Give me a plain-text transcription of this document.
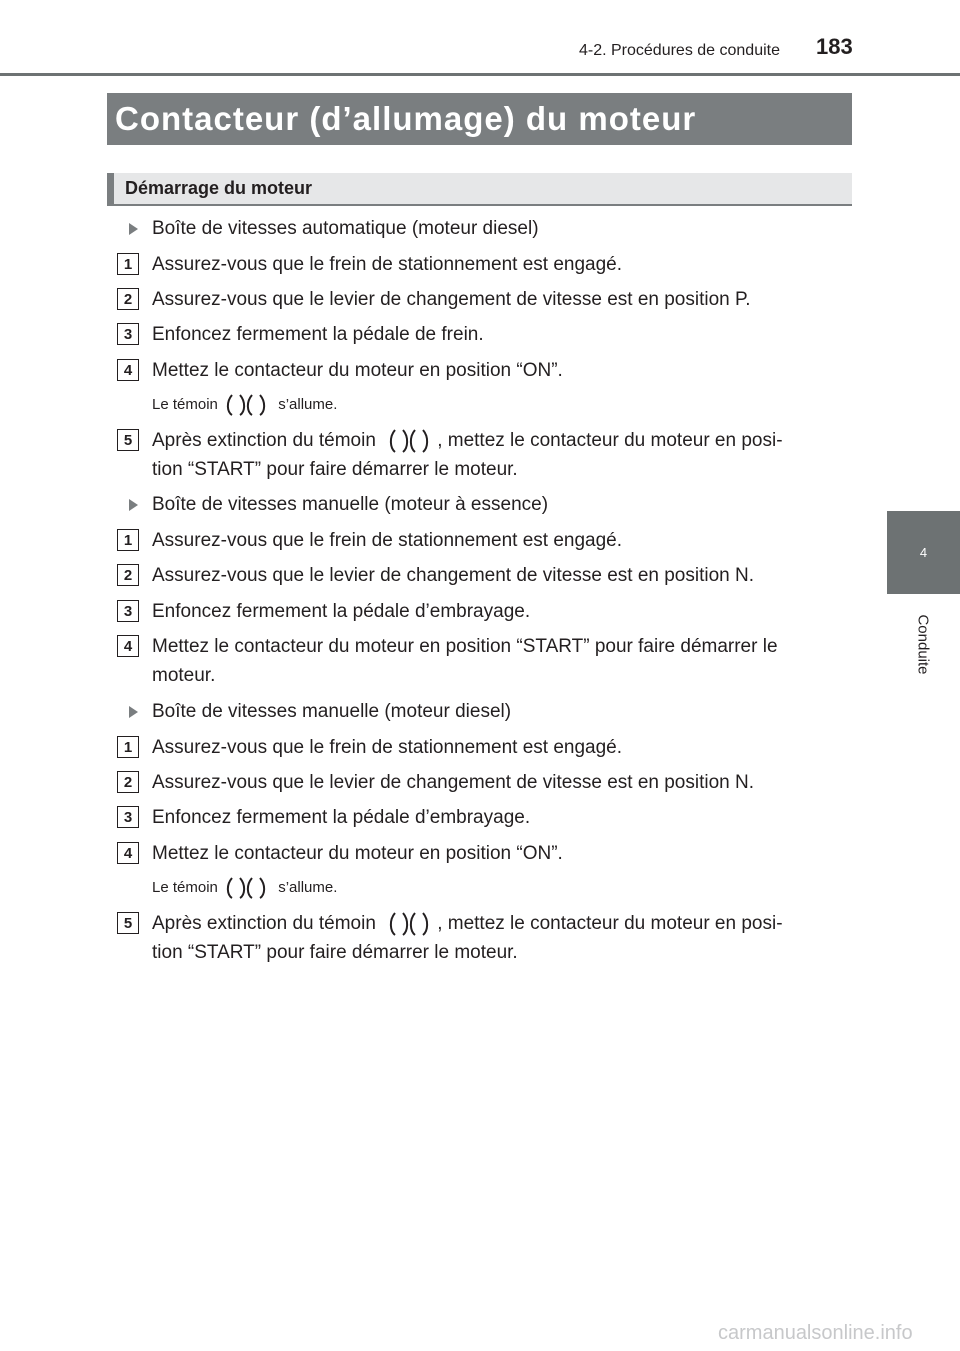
4-2. Procédures de conduite 183
Contacteur (d’allumage) du moteur
Démarrage du moteur
4
Conduite
Boîte de vitesses automatique (moteur diesel)
1	Assurez-vous que le frein de stationnement est engagé.
2	Assurez-vous que le levier de changement de vitesse est en position P.
3	Enfoncez fermement la pédale de frein.
4	Mettez le contacteur du moteur en position “ON”.
Le témoin	s’allume.
5	Après extinction du témoin	, mettez le contacteur du moteur en posi-
tion “START” pour faire démarrer le moteur.
Boîte de vitesses manuelle (moteur à essence)
1	Assurez-vous que le frein de stationnement est engagé.
2	Assurez-vous que le levier de changement de vitesse est en position N.
3	Enfoncez fermement la pédale d’embrayage.
4	Mettez le contacteur du moteur en position “START” pour faire démarrer le
moteur.
Boîte de vitesses manuelle (moteur diesel)
1	Assurez-vous que le frein de stationnement est engagé.
2	Assurez-vous que le levier de changement de vitesse est en position N.
3	Enfoncez fermement la pédale d’embrayage.
4	Mettez le contacteur du moteur en position “ON”.
Le témoin	s’allume.
5	Après extinction du témoin	, mettez le contacteur du moteur en posi-
tion “START” pour faire démarrer le moteur.
carmanualsonline.info
